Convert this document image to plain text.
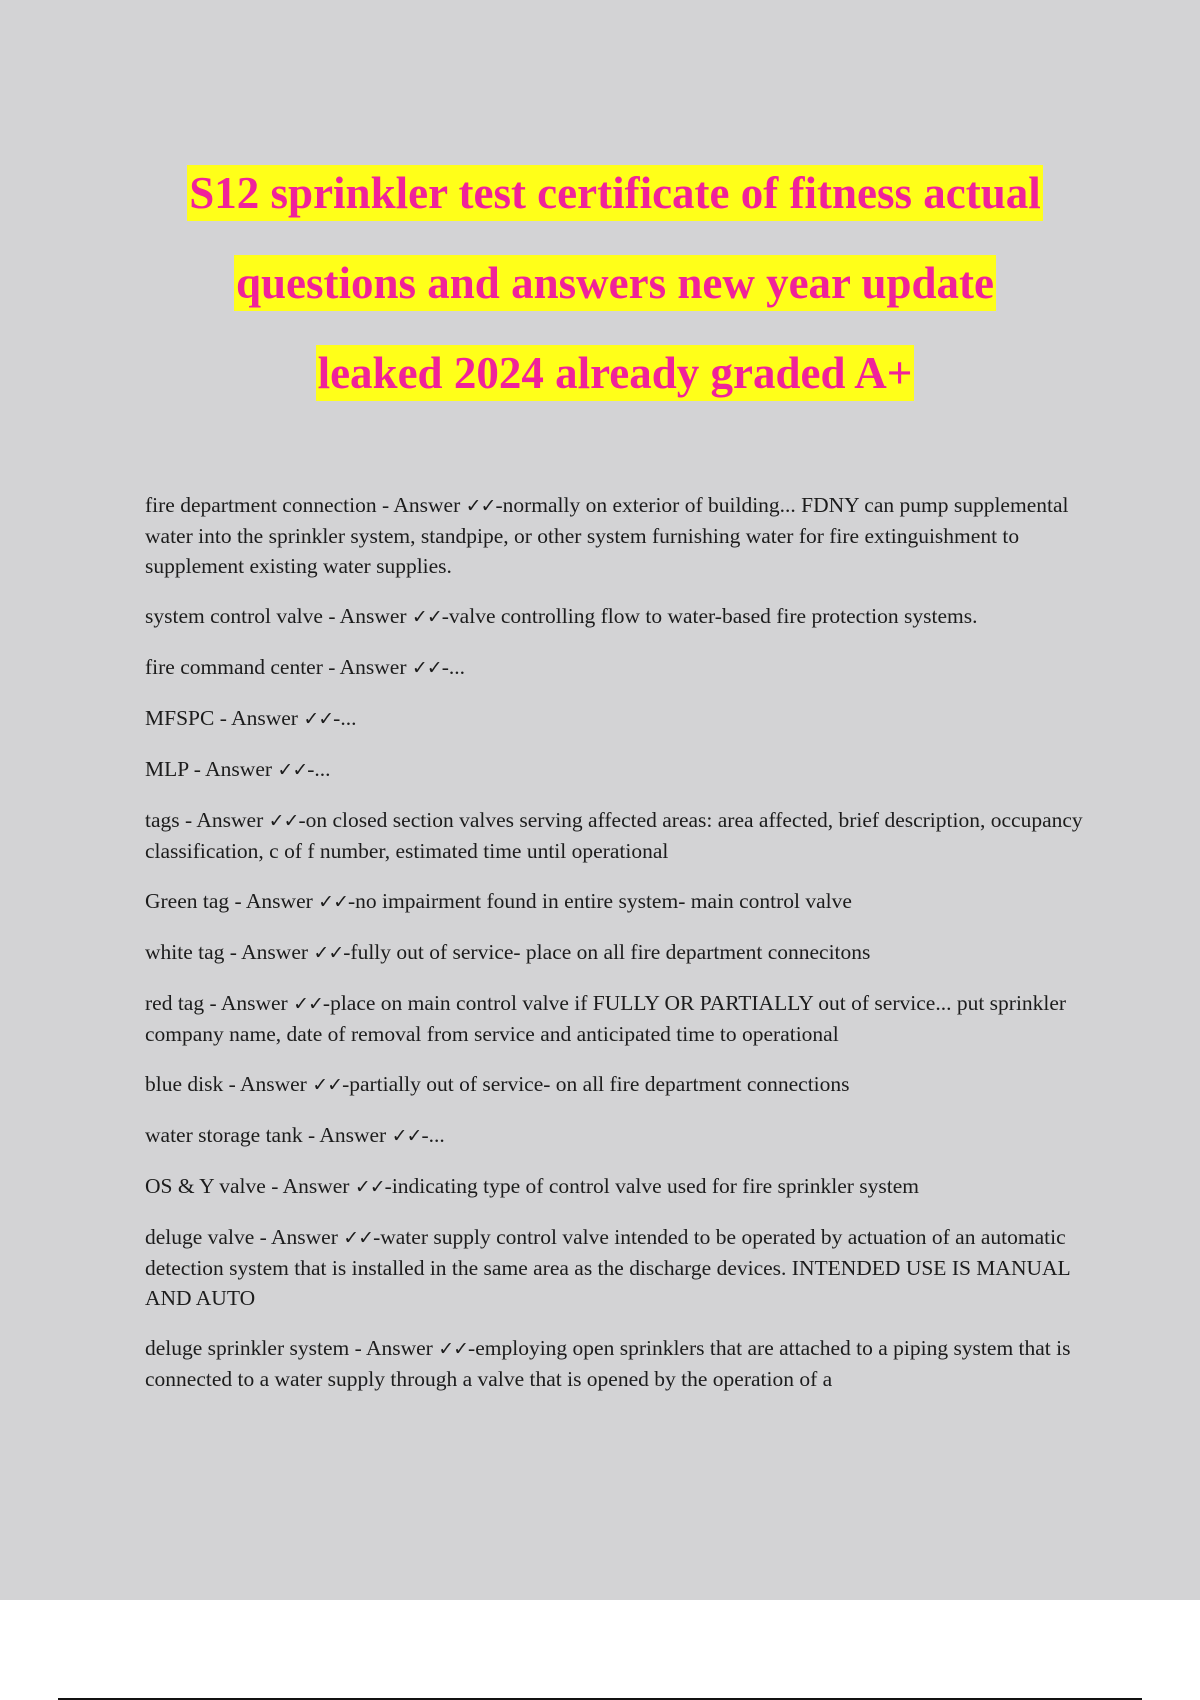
S12 sprinkler test certificate of fitness actual
questions and answers new year update
leaked 2024 already graded A+

fire department connection - Answer ✓✓-normally on exterior of building... FDNY can pump supplemental water into the sprinkler system, standpipe, or other system furnishing water for fire extinguishment to supplement existing water supplies.

system control valve - Answer ✓✓-valve controlling flow to water-based fire protection systems.

fire command center - Answer ✓✓-...

MFSPC - Answer ✓✓-...

MLP - Answer ✓✓-...

tags - Answer ✓✓-on closed section valves serving affected areas: area affected, brief description, occupancy classification, c of f number, estimated time until operational

Green tag - Answer ✓✓-no impairment found in entire system- main control valve

white tag - Answer ✓✓-fully out of service- place on all fire department connecitons

red tag - Answer ✓✓-place on main control valve if FULLY OR PARTIALLY out of service... put sprinkler company name, date of removal from service and anticipated time to operational

blue disk - Answer ✓✓-partially out of service- on all fire department connections

water storage tank - Answer ✓✓-...

OS & Y valve - Answer ✓✓-indicating type of control valve used for fire sprinkler system

deluge valve - Answer ✓✓-water supply control valve intended to be operated by actuation of an automatic detection system that is installed in the same area as the discharge devices. INTENDED USE IS MANUAL AND AUTO

deluge sprinkler system - Answer ✓✓-employing open sprinklers that are attached to a piping system that is connected to a water supply through a valve that is opened by the operation of a
